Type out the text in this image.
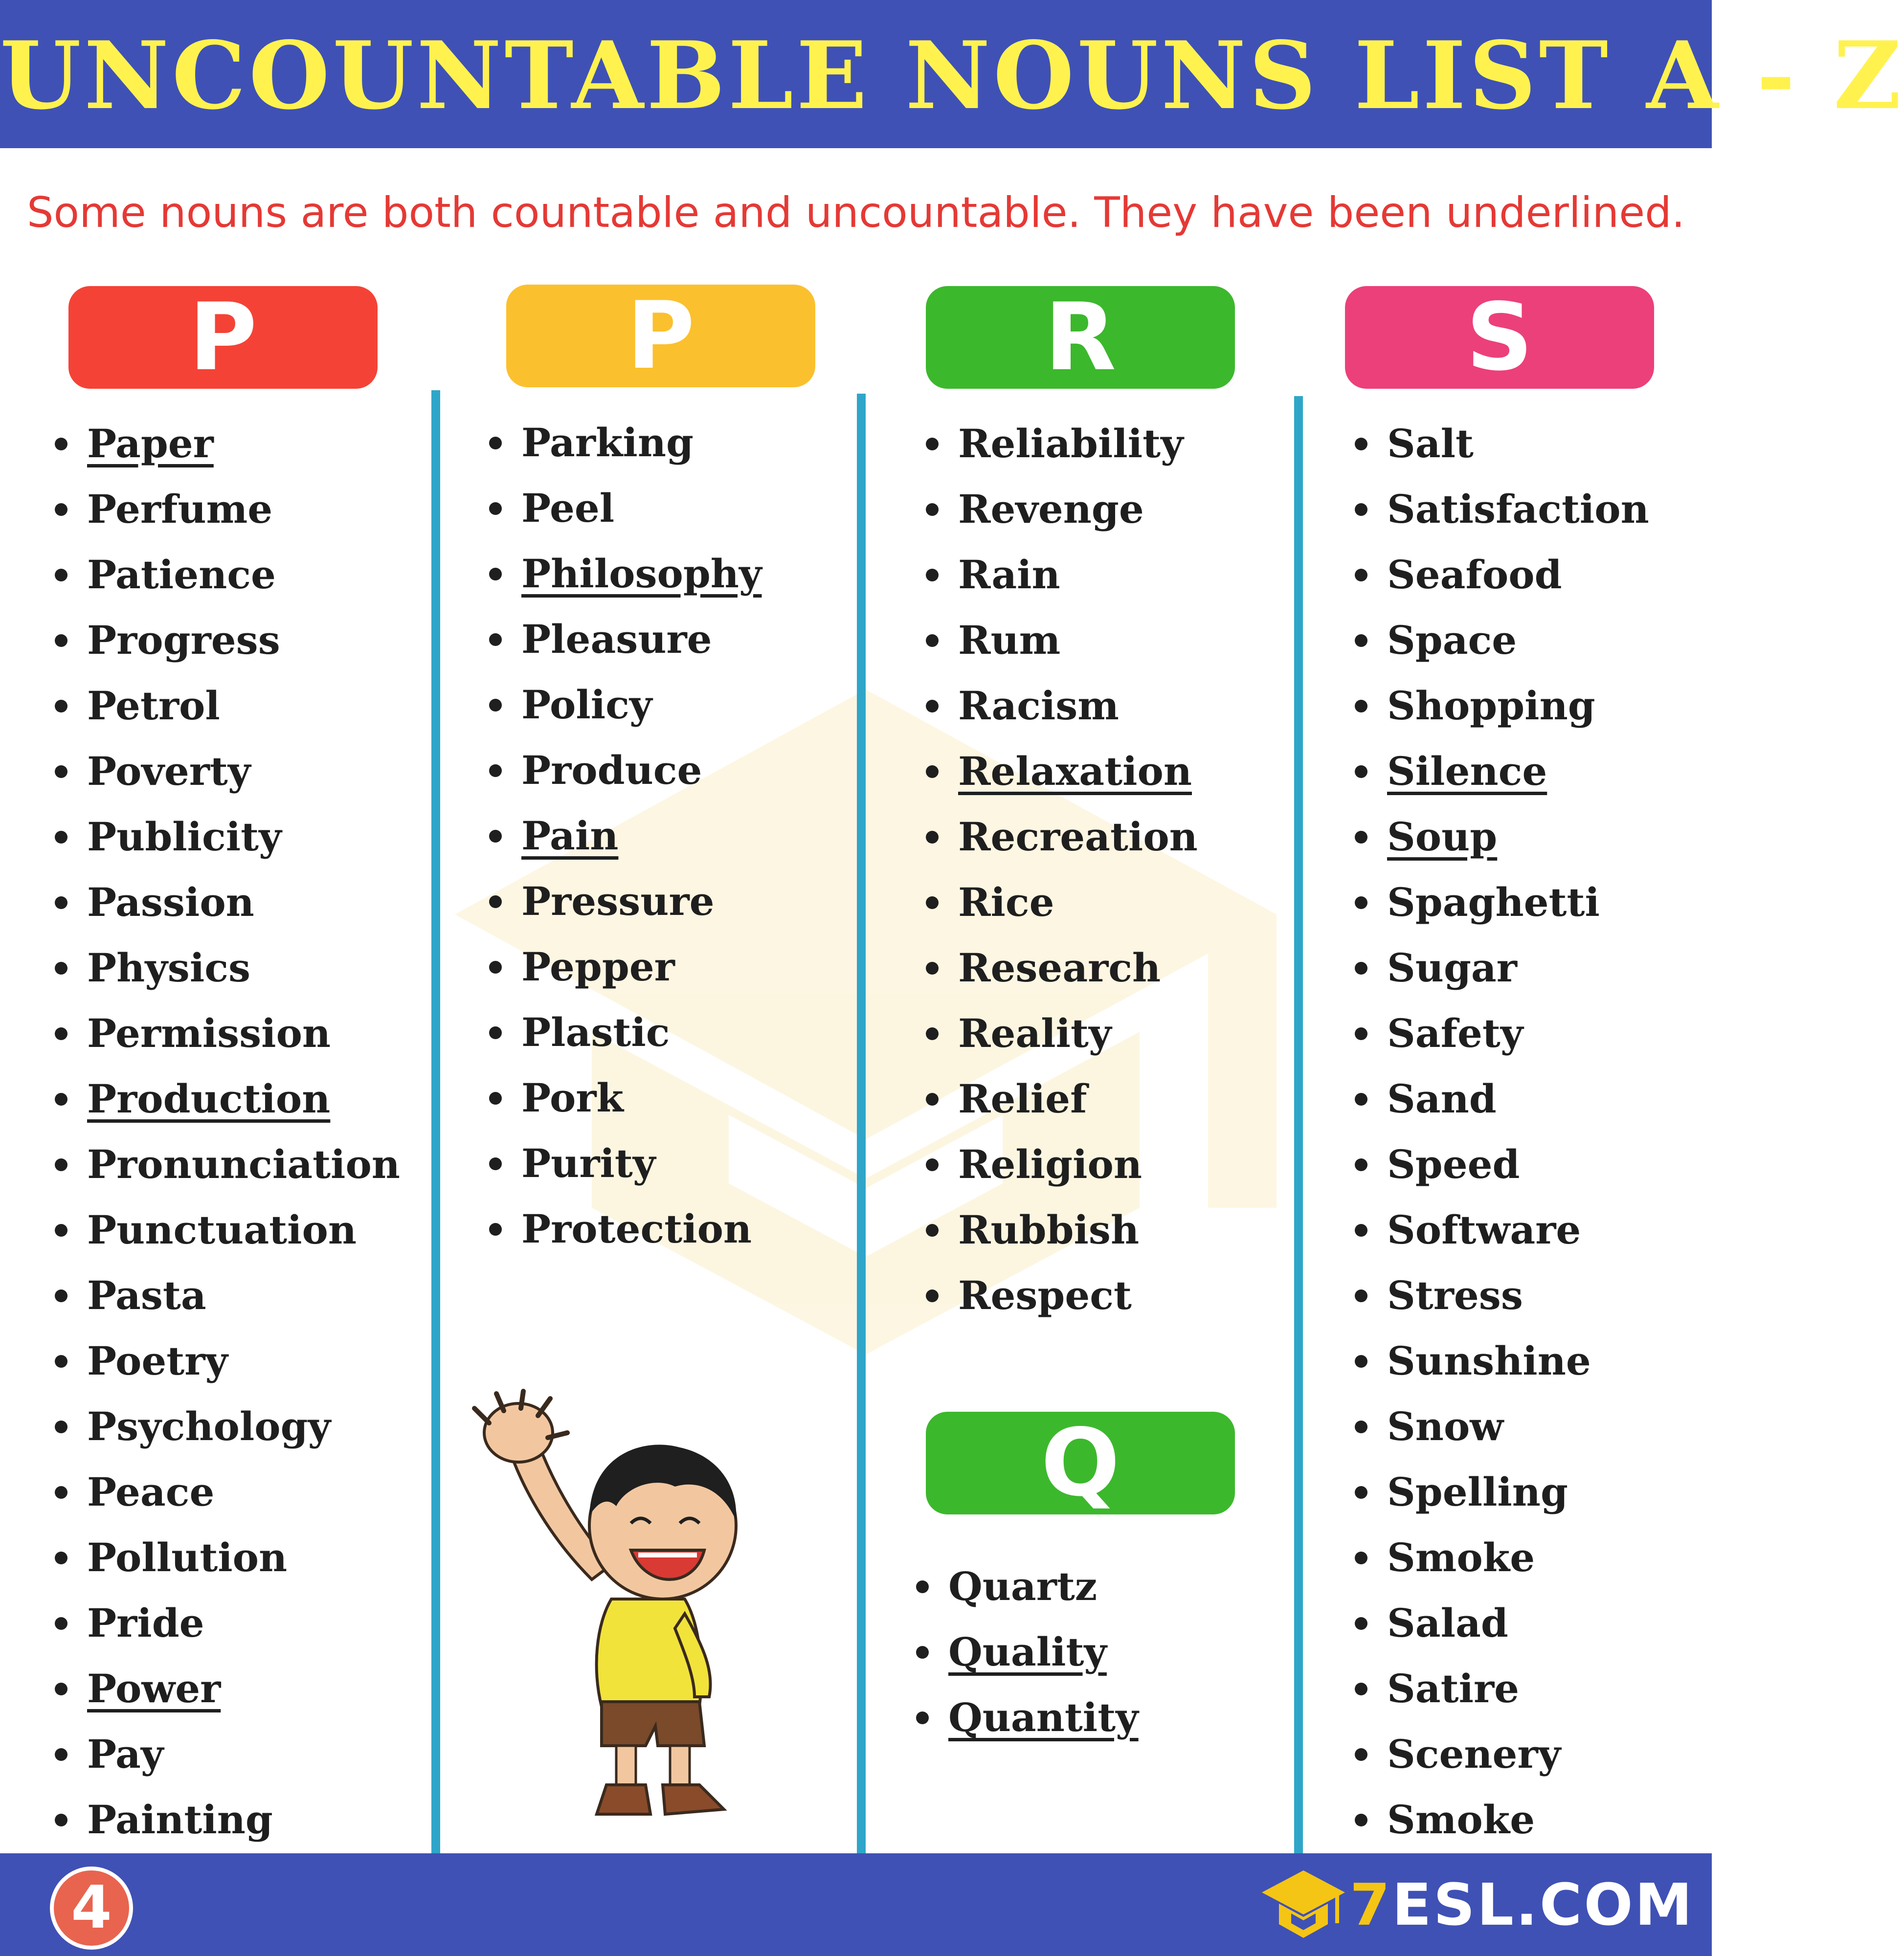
UNCOUNTABLE NOUNS LIST A - Z
Some nouns are both countable and uncountable. They have been underlined.
P	P	R
Q
S
Paper
Perfume
Patience
Progress
Petrol
Poverty
Publicity
Passion
Physics
Permission
Production
Pronunciation
Punctuation
Pasta
Poetry
Psychology
Peace
Pollution
Pride
Power
Pay
Painting
Parking
Peel
Philosophy
Pleasure
Policy
Produce
Pain
Pressure
Pepper
Plastic
Pork
Purity
Protection
Reliability
Revenge
Rain
Rum
Racism
Relaxation
Recreation
Rice
Research
Reality
Relief
Religion
Rubbish
Respect
Quartz
Quality
Quantity
Salt
Satisfaction
Seafood
Space
Shopping
Silence
Soup
Spaghetti
Sugar
Safety
Sand
Speed
Software
Stress
Sunshine
Snow
Spelling
Smoke
Salad
Satire
Scenery
Smoke
4	7ESL.COM
